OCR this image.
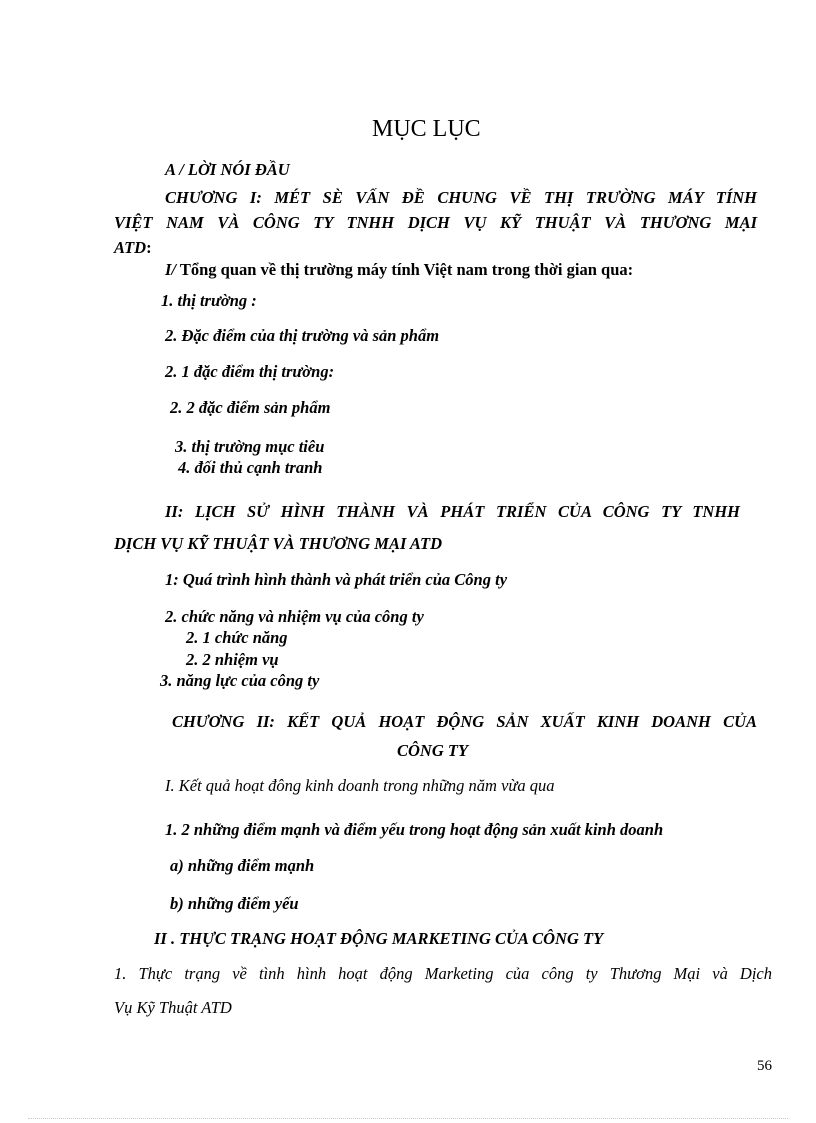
MỤC LỤC
A / LỜI NÓI ĐẦU
CHƯƠNG I: MÉT SÈ VẤN ĐỀ CHUNG VỀ THỊ TRƯỜNG MÁY TÍNH
VIỆT NAM VÀ CÔNG TY TNHH DỊCH VỤ KỸ THUẬT VÀ THƯƠNG MẠI
ATD:
I/ Tổng quan về thị trường máy tính Việt nam trong thời gian qua:
1. thị trường :
2. Đặc điểm của thị trường và sản phẩm
2. 1 đặc điểm thị trường:
2. 2 đặc điểm sản phẩm
3. thị trường mục tiêu
4. đối thủ cạnh tranh
II: LỊCH SỬ HÌNH THÀNH VÀ PHÁT TRIỂN CỦA CÔNG TY TNHH
DỊCH VỤ KỸ THUẬT VÀ THƯƠNG MẠI ATD
1: Quá trình hình thành và phát triển của Công ty
2. chức năng và nhiệm vụ của công ty
2. 1 chức năng
2. 2 nhiệm vụ
3. năng lực của công ty
CHƯƠNG II: KẾT QUẢ HOẠT ĐỘNG SẢN XUẤT KINH DOANH CỦA
CÔNG TY
I. Kết quả hoạt đông kinh doanh trong những năm vừa qua
1. 2 những điểm mạnh và điểm yếu trong hoạt động sản xuất kinh doanh
a) những điểm mạnh
b) những điểm yếu
II . THỰC TRẠNG HOẠT ĐỘNG MARKETING CỦA CÔNG TY
1. Thực trạng về tình hình hoạt động Marketing của công ty Thương Mại và Dịch
Vụ Kỹ Thuật ATD
56
